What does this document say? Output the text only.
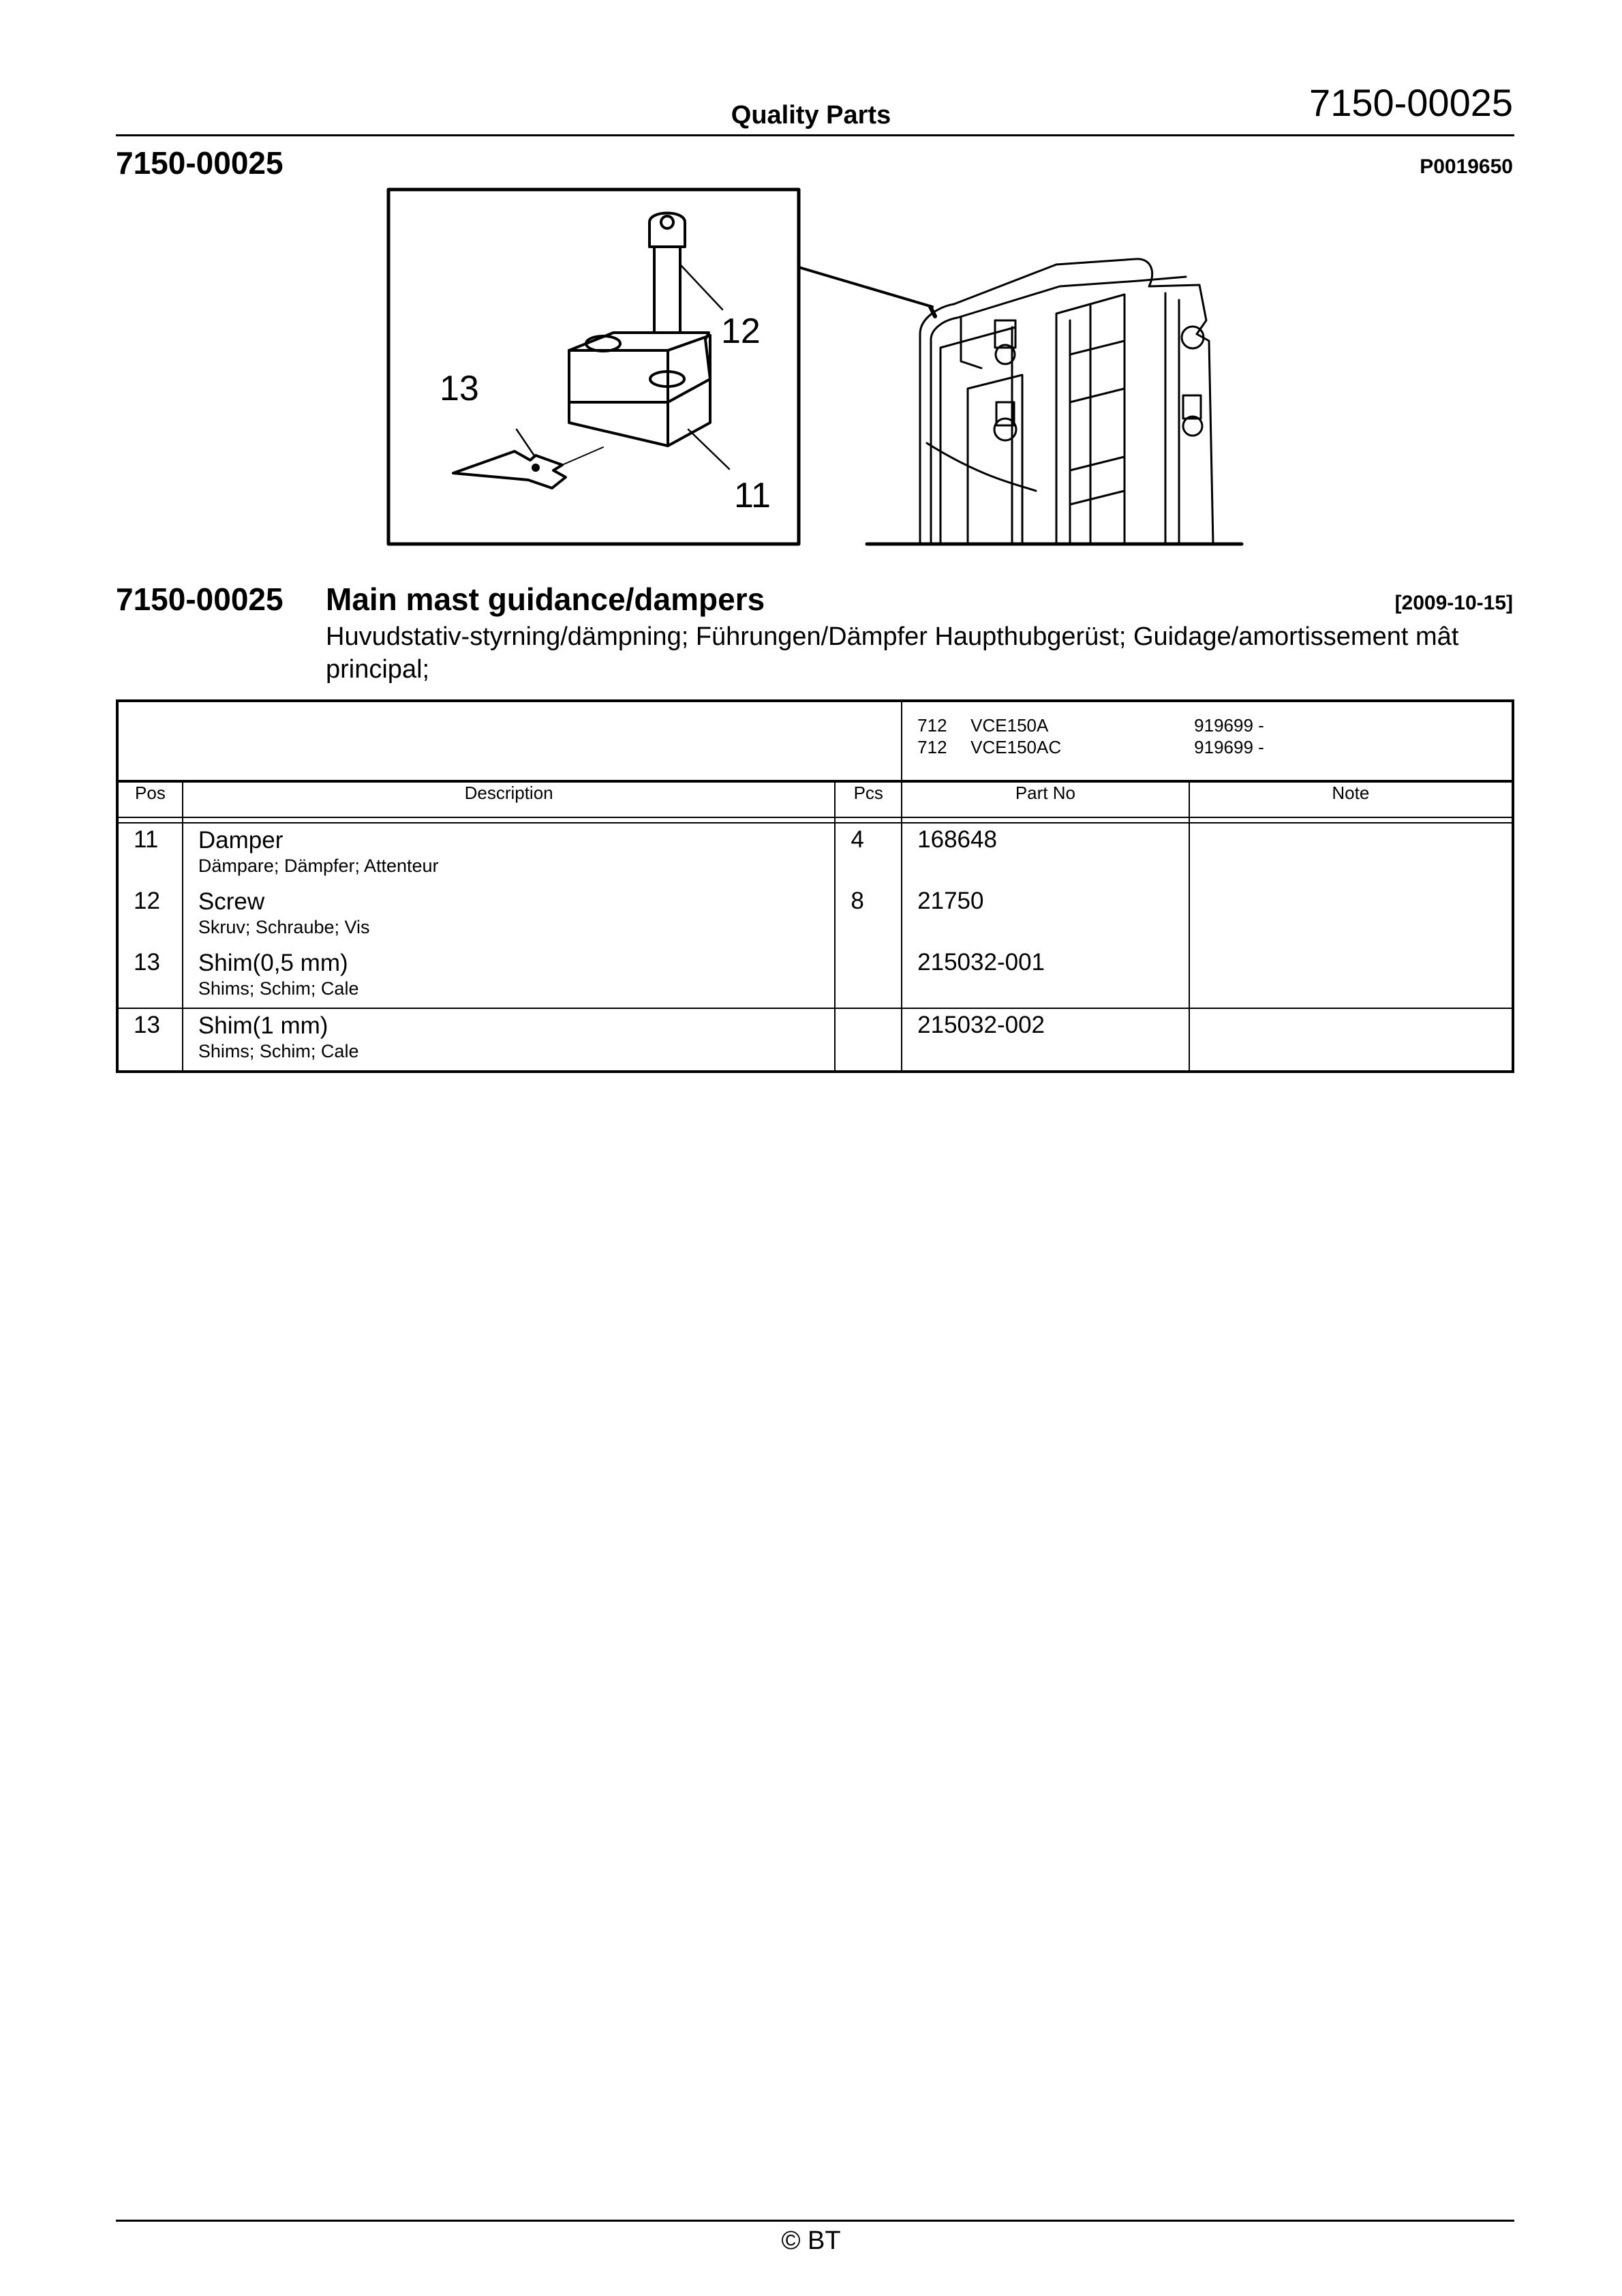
Quality Parts	7150-00025
7150-00025	P0019650
12
13
11
7150-00025 Main mast guidance/dampers	[2009-10-15]
Huvudstativ-styrning/dämpning; Führungen/Dämpfer Haupthubgerüst; Guidage/amortissement mât principal;

			712 VCE150A 919699 -
712 VCE150AC 919699 -	

Pos	Description	Pcs	Part No	Note

11	Damper
Dämpare; Dämpfer; Attenteur	4	168648	
12	Screw
Skruv; Schraube; Vis	8	21750	
13	Shim(0,5 mm)
Shims; Schim; Cale		215032-001	
13	Shim(1 mm)
Shims; Schim; Cale		215032-002	
© BT
